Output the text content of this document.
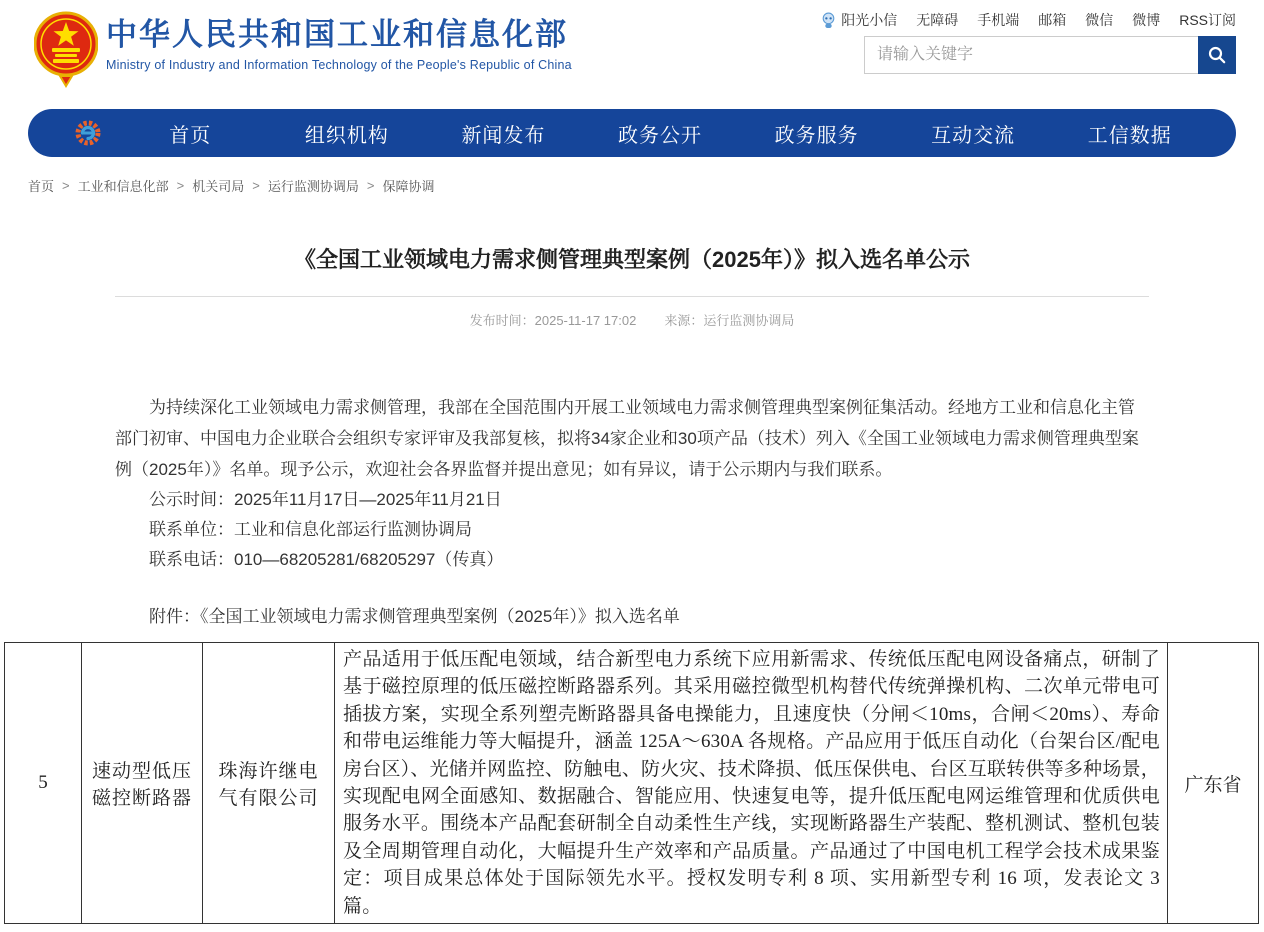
中华人民共和国工业和信息化部
Ministry of Industry and Information Technology of the People's Republic of China
阳光小信 无障碍 手机端 邮箱 微信 微博 RSS订阅
请输入关键字
首页	组织机构	新闻发布	政务公开	政务服务	互动交流	工信数据
首页 > 工业和信息化部 > 机关司局 > 运行监测协调局 > 保障协调
《全国工业领域电力需求侧管理典型案例（2025年）》拟入选名单公示
发布时间：2025-11-17 17:02 来源：运行监测协调局

为持续深化工业领域电力需求侧管理，我部在全国范围内开展工业领域电力需求侧管理典型案例征集活动。经地方工业和信息化主管部门初审、中国电力企业联合会组织专家评审及我部复核，拟将34家企业和30项产品（技术）列入《全国工业领域电力需求侧管理典型案例（2025年）》名单。现予公示，欢迎社会各界监督并提出意见；如有异议，请于公示期内与我们联系。

公示时间：2025年11月17日—2025年11月21日
联系单位：工业和信息化部运行监测协调局
联系电话：010—68205281/68205297（传真）
附件：《全国工业领域电力需求侧管理典型案例（2025年）》拟入选名单
5	速动型低压磁控断路器	珠海许继电气有限公司	产品适用于低压配电领域，结合新型电力系统下应用新需求、传统低压配电网设备痛点，研制了基于磁控原理的低压磁控断路器系列。其采用磁控微型机构替代传统弹操机构、二次单元带电可插拔方案，实现全系列塑壳断路器具备电操能力，且速度快（分闸＜10ms，合闸＜20ms）、寿命和带电运维能力等大幅提升，涵盖 125A～630A 各规格。产品应用于低压自动化（台架台区/配电房台区）、光储并网监控、防触电、防火灾、技术降损、低压保供电、台区互联转供等多种场景，实现配电网全面感知、数据融合、智能应用、快速复电等，提升低压配电网运维管理和优质供电服务水平。围绕本产品配套研制全自动柔性生产线，实现断路器生产装配、整机测试、整机包装及全周期管理自动化，大幅提升生产效率和产品质量。产品通过了中国电机工程学会技术成果鉴定：项目成果总体处于国际领先水平。授权发明专利 8 项、实用新型专利 16 项，发表论文 3 篇。	广东省
